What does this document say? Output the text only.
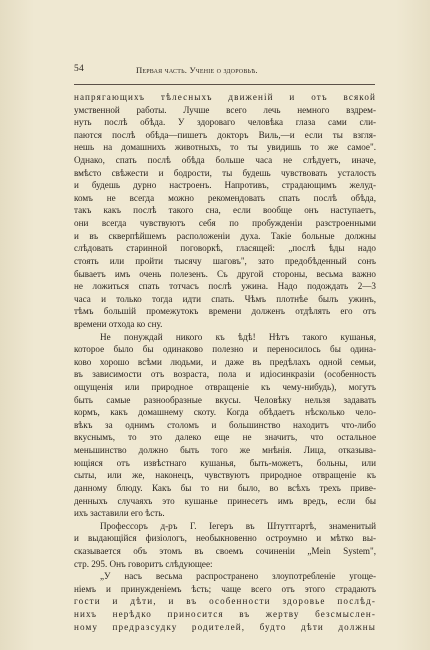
54	Первая часть. Ученіе о здоровьѣ.
напрягающихъ тѣлесныхъ движеній и отъ всякой
умственной работы. Лучше всего лечь немного вздрем-
нуть послѣ обѣда. У здороваго человѣка глаза сами сли-
паются послѣ обѣда—пишетъ докторъ Виль,—и если ты взгля-
нешь на домашнихъ животныхъ, то ты увидишь то же самое".
Однако, спать послѣ обѣда больше часа не слѣдуетъ, иначе,
вмѣсто свѣжести и бодрости, ты будешь чувствовать усталость
и будешь дурно настроенъ. Напротивъ, страдающимъ желуд-
комъ не всегда можно рекомендовать спать послѣ обѣда,
такъ какъ послѣ такого сна, если вообще онъ наступаетъ,
они всегда чувствуютъ себя по пробужденіи разстроенными
и въ скверпѣйшемъ расположеніи духа. Такіе больные должны
слѣдовать старинной поговоркѣ, гласящей: „послѣ ѣды надо
стоять или пройти тысячу шаговъ", зато предобѣденный сонъ
бываетъ имъ очень полезенъ. Съ другой стороны, весьма важно
не ложиться спать тотчасъ послѣ ужина. Надо подождать 2—3
часа и только тогда идти спать. Чѣмъ плотнѣе былъ ужинъ,
тѣмъ большій промежутокъ времени долженъ отдѣлять его отъ
времени отхода ко сну.
Не понуждай никого къ ѣдѣ! Нѣтъ такого кушанья,
которое было бы одинаково полезно и переносилось бы одина-
ково хорошо всѣми людьми, и даже въ предѣлахъ одной семьи,
въ зависимости отъ возраста, пола и идіосинкразіи (особенность
ощущенія или природное отвращеніе къ чему-нибудь), могутъ
быть самые разнообразные вкусы. Человѣку нельзя задавать
кормъ, какъ домашнему скоту. Когда обѣдаетъ нѣсколько чело-
вѣкъ за однимъ столомъ и большинство находитъ что-либо
вкуснымъ, то это далеко еще не значитъ, что остальное
меньшинство должно быть того же мнѣнія. Лица, отказыва-
ющіяся отъ извѣстнаго кушанья, быть-можетъ, больны, или
сыты, или же, наконецъ, чувствуютъ природное отвращеніе къ
данному блюду. Какъ бы то ни было, во всѣхъ трехъ приве-
денныхъ случаяхъ это кушанье принесетъ имъ вредъ, если бы
ихъ заставили его ѣсть.
Профессоръ д-ръ Г. Іегеръ въ Штуттгартѣ, знаменитый
и выдающійся физіологъ, необыкновенно остроумно и мѣтко вы-
сказывается объ этомъ въ своемъ сочиненіи „Mein System",
стр. 295. Онъ говоритъ слѣдующее:
„У насъ весьма распространено злоупотребленіе угоще-
ніемъ и принужденіемъ ѣсть; чаще всего отъ этого страдаютъ
гости и дѣти, и въ особенности здоровье послѣд-
нихъ нерѣдко приносится въ жертву безсмыслен-
ному предразсудку родителей, будто дѣти должны
